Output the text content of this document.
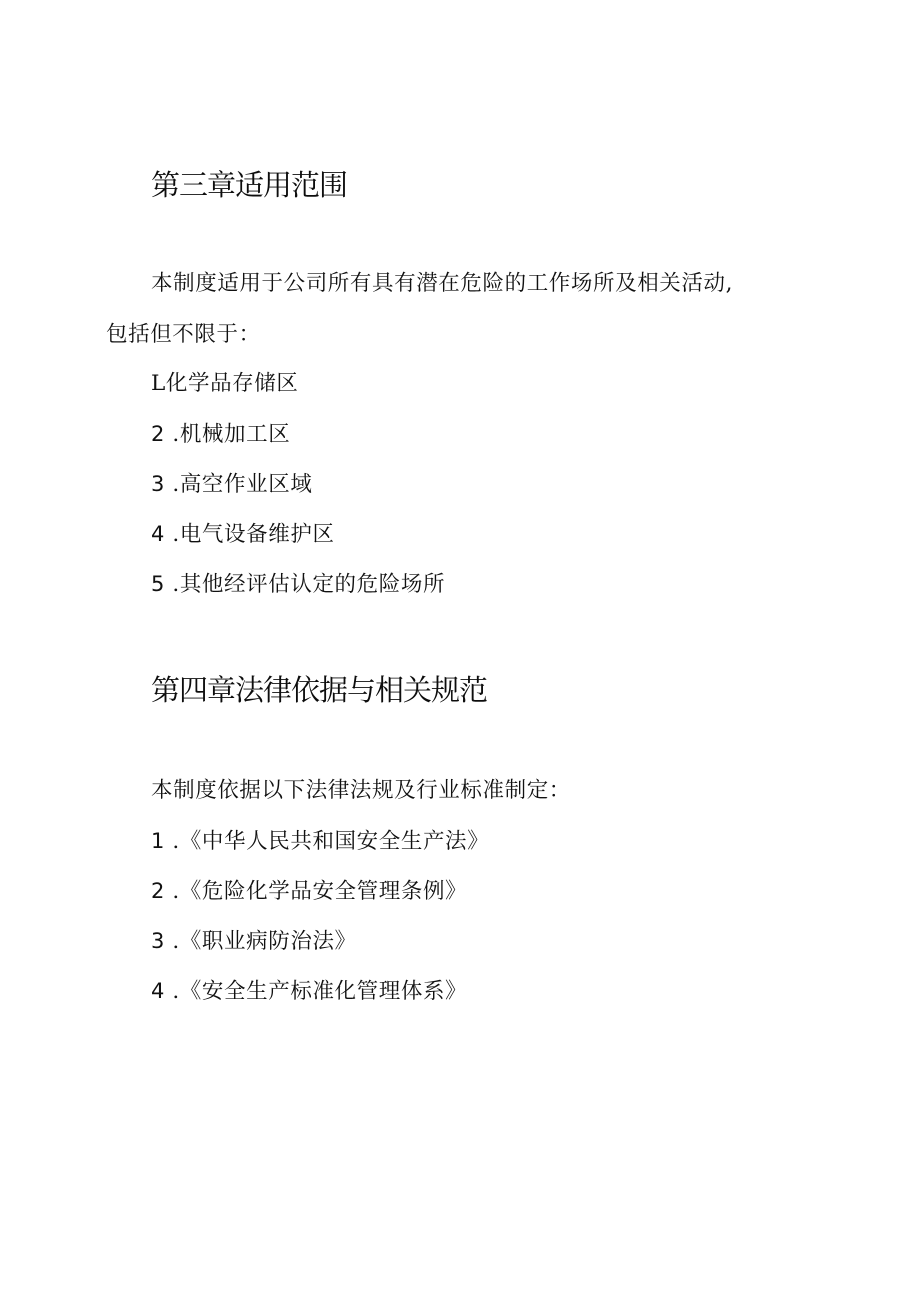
第三章适用范围

本制度适用于公司所有具有潜在危险的工作场所及相关活动,

包括但不限于：

L化学品存储区

2 .机械加工区

3 .高空作业区域

4 .电气设备维护区

5 .其他经评估认定的危险场所

第四章法律依据与相关规范

本制度依据以下法律法规及行业标准制定：

1 .《中华人民共和国安全生产法》

2 .《危险化学品安全管理条例》

3 .《职业病防治法》

4 .《安全生产标准化管理体系》
